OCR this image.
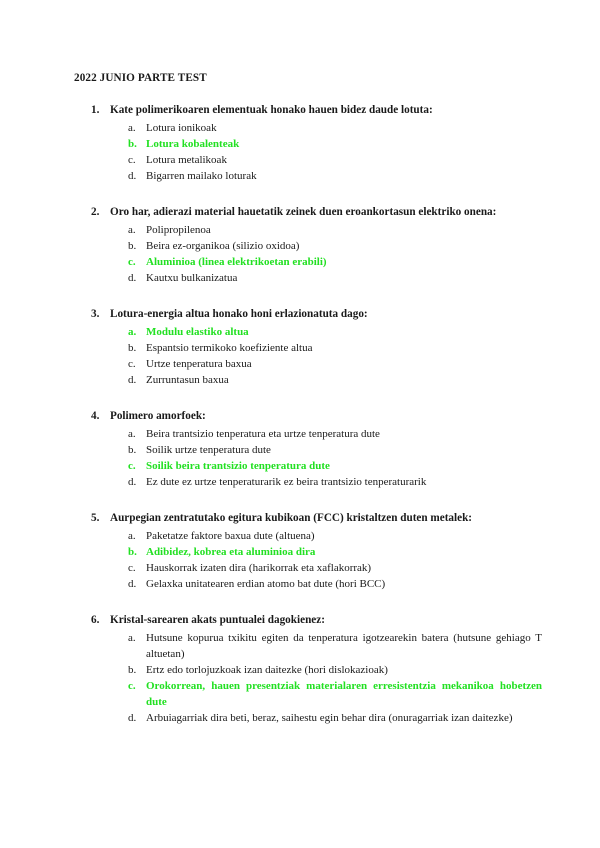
2022 JUNIO PARTE TEST
1. Kate polimerikoaren elementuak honako hauen bidez daude lotuta:
a. Lotura ionikoak
b. Lotura kobalenteak
c. Lotura metalikoak
d. Bigarren mailako loturak
2. Oro har, adierazi material hauetatik zeinek duen eroankortasun elektriko onena:
a. Polipropilenoa
b. Beira ez-organikoa (silizio oxidoa)
c. Aluminioa (linea elektrikoetan erabili)
d. Kautxu bulkanizatua
3. Lotura-energia altua honako honi erlazionatuta dago:
a. Modulu elastiko altua
b. Espantsio termikoko koefiziente altua
c. Urtze tenperatura baxua
d. Zurruntasun baxua
4. Polimero amorfoek:
a. Beira trantsizio tenperatura eta urtze tenperatura dute
b. Soilik urtze tenperatura dute
c. Soilik beira trantsizio tenperatura dute
d. Ez dute ez urtze tenperaturarik ez beira trantsizio tenperaturarik
5. Aurpegian zentratutako egitura kubikoan (FCC) kristaltzen duten metalek:
a. Paketatze faktore baxua dute (altuena)
b. Adibidez, kobrea eta aluminioa dira
c. Hauskorrak izaten dira (harikorrak eta xaflakorrak)
d. Gelaxka unitatearen erdian atomo bat dute (hori BCC)
6. Kristal-sarearen akats puntualei dagokienez:
a. Hutsune kopurua txikitu egiten da tenperatura igotzearekin batera (hutsune gehiago T altuetan)
b. Ertz edo torlojuzkoak izan daitezke (hori dislokazioak)
c. Orokorrean, hauen presentziak materialaren erresistentzia mekanikoa hobetzen dute
d. Arbuiagarriak dira beti, beraz, saihestu egin behar dira (onuragarriak izan daitezke)
